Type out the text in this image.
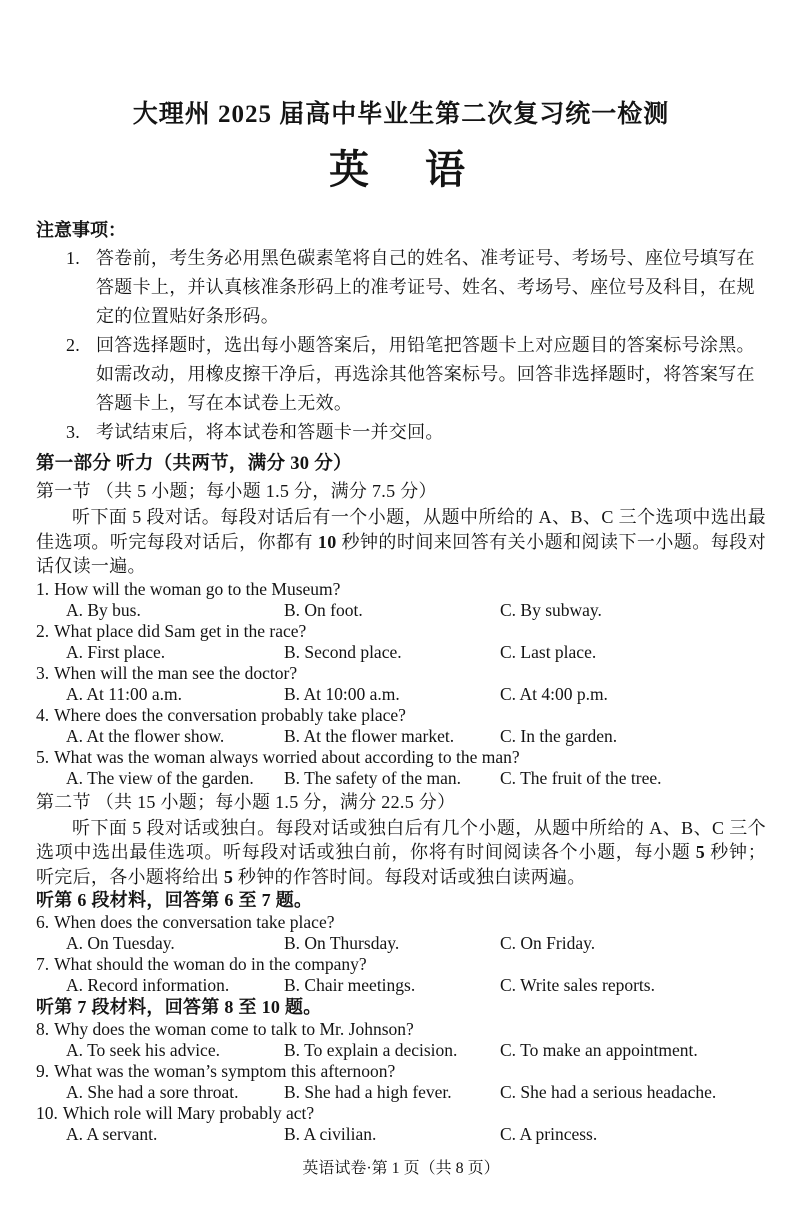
大理州 2025 届高中毕业生第二次复习统一检测
英　语
注意事项：
1. 答卷前，考生务必用黑色碳素笔将自己的姓名、准考证号、考场号、座位号填写在答题卡上，并认真核准条形码上的准考证号、姓名、考场号、座位号及科目，在规定的位置贴好条形码。
2. 回答选择题时，选出每小题答案后，用铅笔把答题卡上对应题目的答案标号涂黑。如需改动，用橡皮擦干净后，再选涂其他答案标号。回答非选择题时，将答案写在答题卡上，写在本试卷上无效。
3. 考试结束后，将本试卷和答题卡一并交回。
第一部分 听力（共两节，满分 30 分）
第一节 （共 5 小题；每小题 1.5 分，满分 7.5 分）

听下面 5 段对话。每段对话后有一个小题，从题中所给的 A、B、C 三个选项中选出最佳选项。听完每段对话后，你都有 10 秒钟的时间来回答有关小题和阅读下一小题。每段对话仅读一遍。

1. How will the woman go to the Museum?
A. By bus.	B. On foot.	C. By subway.
2. What place did Sam get in the race?
A. First place.	B. Second place.	C. Last place.
3. When will the man see the doctor?
A. At 11:00 a.m.	B. At 10:00 a.m.	C. At 4:00 p.m.
4. Where does the conversation probably take place?
A. At the flower show.	B. At the flower market.	C. In the garden.
5. What was the woman always worried about according to the man?
A. The view of the garden.	B. The safety of the man.	C. The fruit of the tree.
第二节 （共 15 小题；每小题 1.5 分，满分 22.5 分）

听下面 5 段对话或独白。每段对话或独白后有几个小题，从题中所给的 A、B、C 三个选项中选出最佳选项。听每段对话或独白前，你将有时间阅读各个小题，每小题 5 秒钟；听完后，各小题将给出 5 秒钟的作答时间。每段对话或独白读两遍。

听第 6 段材料，回答第 6 至 7 题。
6. When does the conversation take place?
A. On Tuesday.	B. On Thursday.	C. On Friday.
7. What should the woman do in the company?
A. Record information.	B. Chair meetings.	C. Write sales reports.
听第 7 段材料，回答第 8 至 10 题。
8. Why does the woman come to talk to Mr. Johnson?
A. To seek his advice.	B. To explain a decision.	C. To make an appointment.
9. What was the woman’s symptom this afternoon?
A. She had a sore throat.	B. She had a high fever.	C. She had a serious headache.
10. Which role will Mary probably act?
A. A servant.	B. A civilian.	C. A princess.
英语试卷·第 1 页（共 8 页）
